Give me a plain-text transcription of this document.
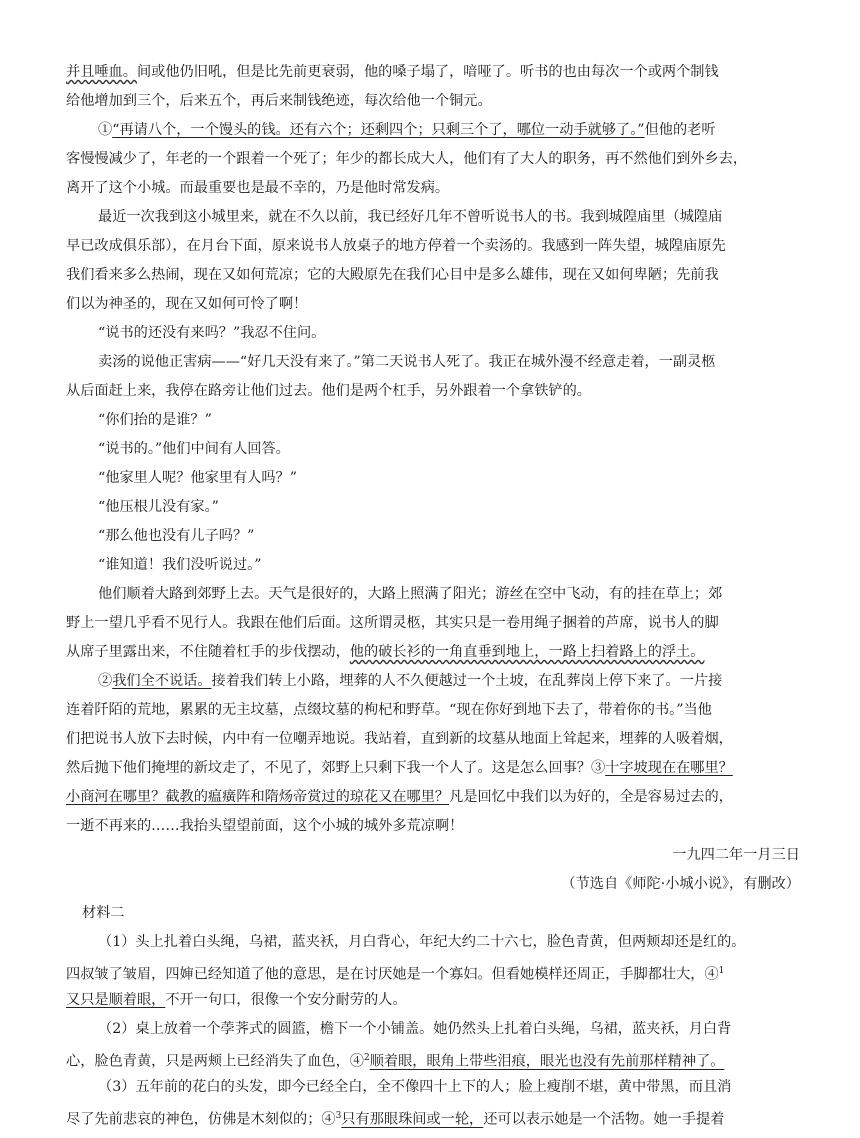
并且唾血。间或他仍旧吼，但是比先前更衰弱，他的嗓子塌了，喑哑了。听书的也由每次一个或两个制钱

给他增加到三个，后来五个，再后来制钱绝迹，每次给他一个铜元。

①“再请八个，一个馒头的钱。还有六个；还剩四个；只剩三个了，哪位一动手就够了。”但他的老听

客慢慢减少了，年老的一个跟着一个死了；年少的都长成大人，他们有了大人的职务，再不然他们到外乡去，

离开了这个小城。而最重要也是最不幸的，乃是他时常发病。

最近一次我到这小城里来，就在不久以前，我已经好几年不曾听说书人的书。我到城隍庙里（城隍庙

早已改成俱乐部），在月台下面，原来说书人放桌子的地方停着一个卖汤的。我感到一阵失望，城隍庙原先

我们看来多么热闹，现在又如何荒凉；它的大殿原先在我们心目中是多么雄伟，现在又如何卑陋；先前我

们以为神圣的，现在又如何可怜了啊！

“说书的还没有来吗？”我忍不住问。

卖汤的说他正害病——“好几天没有来了。”第二天说书人死了。我正在城外漫不经意走着，一副灵柩

从后面赶上来，我停在路旁让他们过去。他们是两个杠手，另外跟着一个拿铁铲的。

“你们抬的是谁？”

“说书的。”他们中间有人回答。

“他家里人呢？他家里有人吗？”

“他压根儿没有家。”

“那么他也没有儿子吗？”

“谁知道！我们没听说过。”

他们顺着大路到郊野上去。天气是很好的，大路上照满了阳光；游丝在空中飞动，有的挂在草上；郊

野上一望几乎看不见行人。我跟在他们后面。这所谓灵柩，其实只是一卷用绳子捆着的芦席，说书人的脚

从席子里露出来，不住随着杠手的步伐摆动，他的破长衫的一角直垂到地上，一路上扫着路上的浮土。

②我们全不说话。接着我们转上小路，埋葬的人不久便越过一个土坡，在乱葬岗上停下来了。一片接

连着阡陌的荒地，累累的无主坟墓，点缀坟墓的枸杞和野草。“现在你好到地下去了，带着你的书。”当他

们把说书人放下去时候，内中有一位嘲弄地说。我站着，直到新的坟墓从地面上耸起来，埋葬的人吸着烟，

然后抛下他们掩埋的新坟走了，不见了，郊野上只剩下我一个人了。这是怎么回事？③十字坡现在在哪里？

小商河在哪里？截教的瘟癀阵和隋炀帝赏过的琼花又在哪里？凡是回忆中我们以为好的，全是容易过去的，

一逝不再来的……我抬头望望前面，这个小城的城外多荒凉啊！

一九四二年一月三日

（节选自《师陀·小城小说》，有删改）

材料二

（1）头上扎着白头绳，乌裙，蓝夹袄，月白背心，年纪大约二十六七，脸色青黄，但两颊却还是红的。

四叔皱了皱眉，四婶已经知道了他的意思，是在讨厌她是一个寡妇。但看她模样还周正，手脚都壮大，④$^1$

又只是顺着眼，不开一句口，很像一个安分耐劳的人。

（2）桌上放着一个荸荠式的圆篮，檐下一个小铺盖。她仍然头上扎着白头绳，乌裙，蓝夹袄，月白背

心，脸色青黄，只是两颊上已经消失了血色，④$^2$顺着眼，眼角上带些泪痕，眼光也没有先前那样精神了。

（3）五年前的花白的头发，即今已经全白，全不像四十上下的人；脸上瘦削不堪，黄中带黑，而且消

尽了先前悲哀的神色，仿佛是木刻似的；④$^3$只有那眼珠间或一轮，还可以表示她是一个活物。她一手提着
